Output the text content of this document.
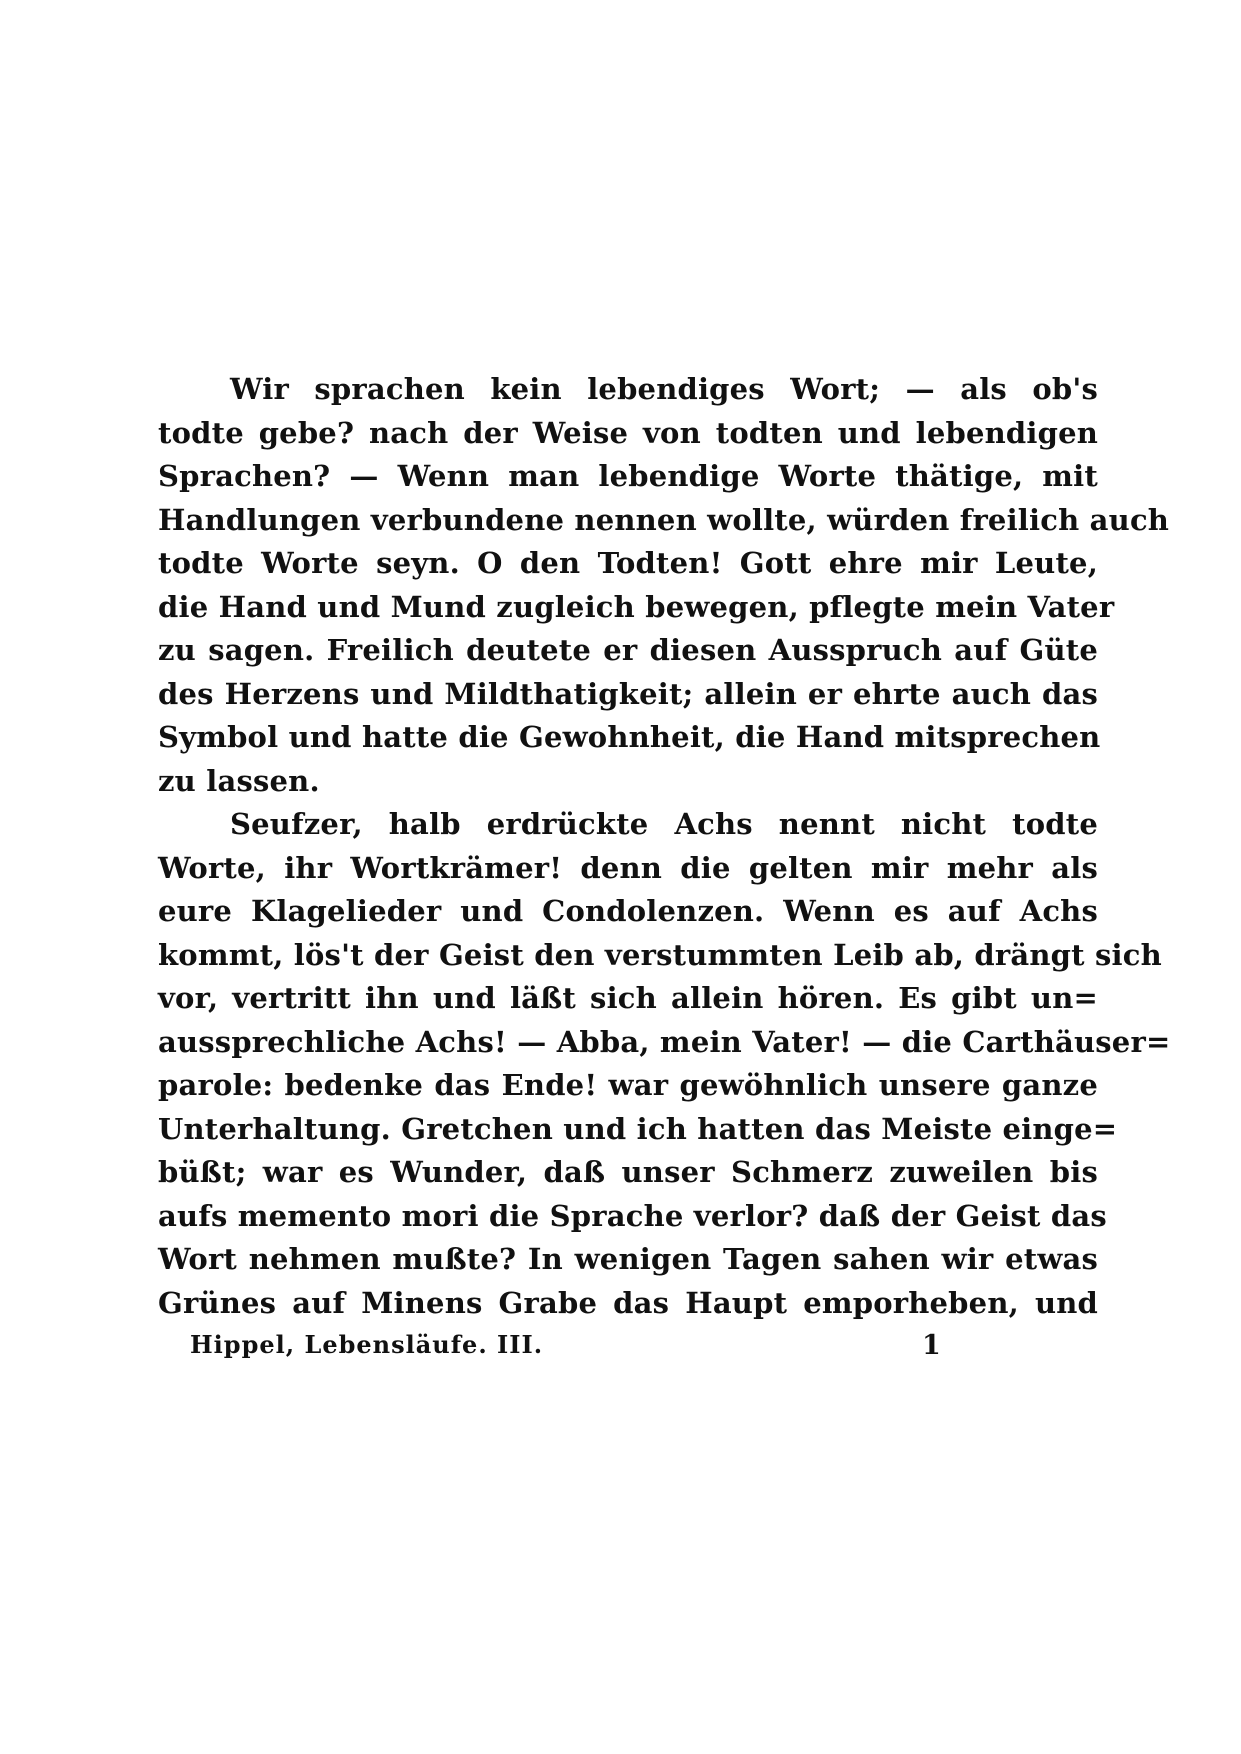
Wir sprachen kein lebendiges Wort; — als ob's
todte gebe? nach der Weise von todten und lebendigen
Sprachen? — Wenn man lebendige Worte thätige, mit
Handlungen verbundene nennen wollte, würden freilich auch
todte Worte seyn. O den Todten! Gott ehre mir Leute,
die Hand und Mund zugleich bewegen, pflegte mein Vater
zu sagen. Freilich deutete er diesen Ausspruch auf Güte
des Herzens und Mildthatigkeit; allein er ehrte auch das
Symbol und hatte die Gewohnheit, die Hand mitsprechen
zu lassen.
Seufzer, halb erdrückte Achs nennt nicht todte
Worte, ihr Wortkrämer! denn die gelten mir mehr als
eure Klagelieder und Condolenzen. Wenn es auf Achs
kommt, lös't der Geist den verstummten Leib ab, drängt sich
vor, vertritt ihn und läßt sich allein hören. Es gibt un=
aussprechliche Achs! — Abba, mein Vater! — die Carthäuser=
parole: bedenke das Ende! war gewöhnlich unsere ganze
Unterhaltung. Gretchen und ich hatten das Meiste einge=
büßt; war es Wunder, daß unser Schmerz zuweilen bis
aufs memento mori die Sprache verlor? daß der Geist das
Wort nehmen mußte? In wenigen Tagen sahen wir etwas
Grünes auf Minens Grabe das Haupt emporheben, und
Hippel, Lebensläufe. III.	1
